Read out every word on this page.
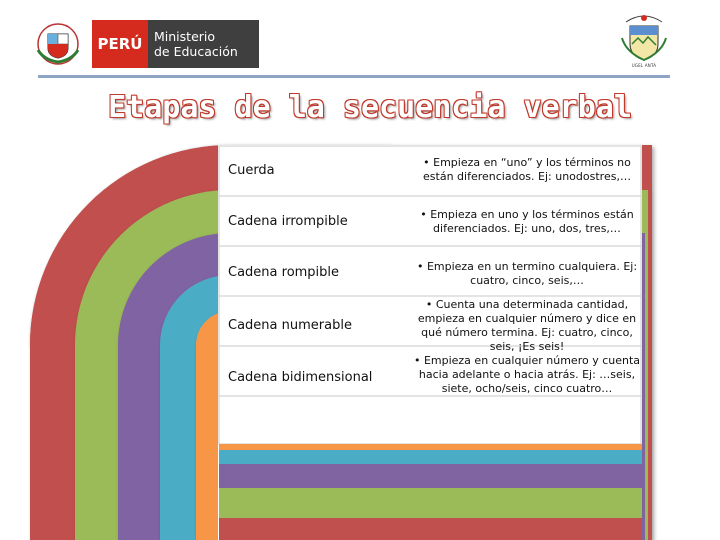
PERÚ Ministerio
de Educación
UGEL ANTA
Etapas de la secuencia verbal
Cuerda
Cadena irrompible
Cadena rompible
Cadena numerable
Cadena bidimensional
• Empieza en “uno” y los términos no están diferenciados. Ej: unodostres,…
• Empieza en uno y los términos están diferenciados. Ej: uno, dos, tres,…
• Empieza en un termino cualquiera. Ej: cuatro, cinco, seis,…
• Cuenta una determinada cantidad, empieza en cualquier número y dice en qué número termina. Ej: cuatro, cinco, seis, ¡Es seis!
• Empieza en cualquier número y cuenta hacia adelante o hacia atrás. Ej: …seis, siete, ocho/seis, cinco cuatro…
